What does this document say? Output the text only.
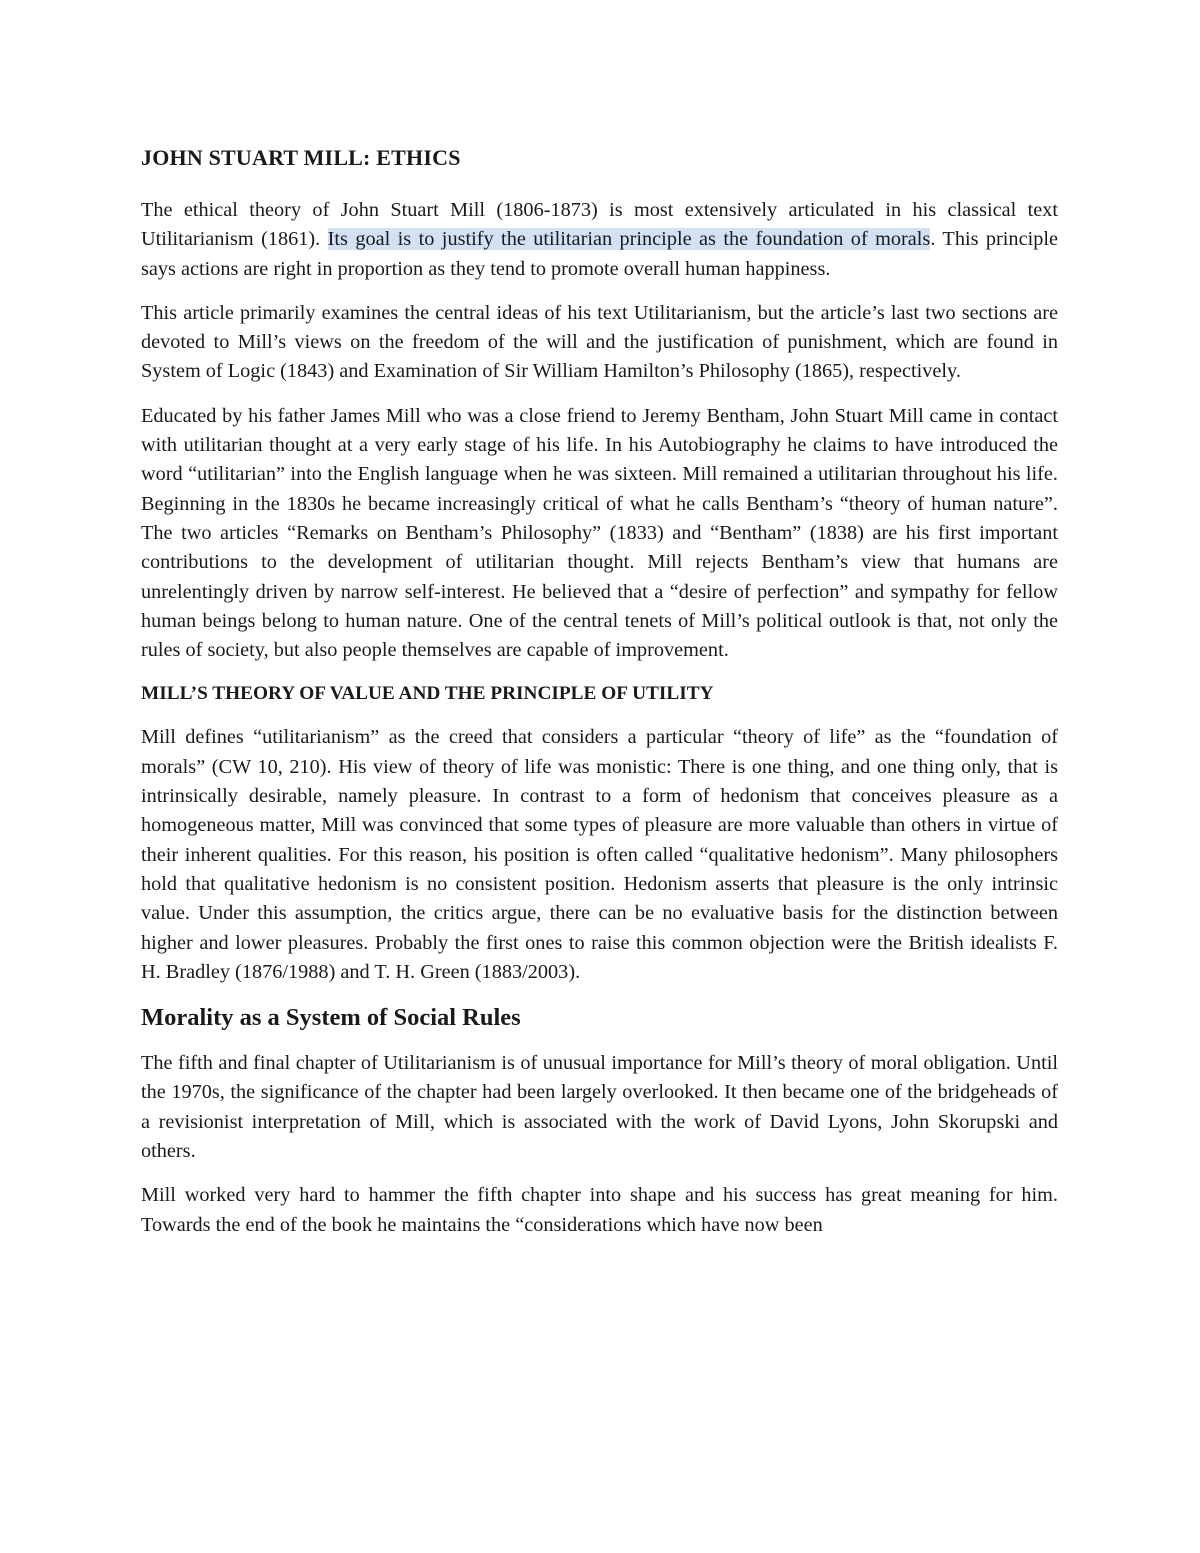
JOHN STUART MILL: ETHICS

The ethical theory of John Stuart Mill (1806-1873) is most extensively articulated in his classical text Utilitarianism (1861). Its goal is to justify the utilitarian principle as the foundation of morals. This principle says actions are right in proportion as they tend to promote overall human happiness.

This article primarily examines the central ideas of his text Utilitarianism, but the article’s last two sections are devoted to Mill’s views on the freedom of the will and the justification of punishment, which are found in System of Logic (1843) and Examination of Sir William Hamilton’s Philosophy (1865), respectively.

Educated by his father James Mill who was a close friend to Jeremy Bentham, John Stuart Mill came in contact with utilitarian thought at a very early stage of his life. In his Autobiography he claims to have introduced the word “utilitarian” into the English language when he was sixteen. Mill remained a utilitarian throughout his life. Beginning in the 1830s he became increasingly critical of what he calls Bentham’s “theory of human nature”. The two articles “Remarks on Bentham’s Philosophy” (1833) and “Bentham” (1838) are his first important contributions to the development of utilitarian thought. Mill rejects Bentham’s view that humans are unrelentingly driven by narrow self-interest. He believed that a “desire of perfection” and sympathy for fellow human beings belong to human nature. One of the central tenets of Mill’s political outlook is that, not only the rules of society, but also people themselves are capable of improvement.

MILL’S THEORY OF VALUE AND THE PRINCIPLE OF UTILITY

Mill defines “utilitarianism” as the creed that considers a particular “theory of life” as the “foundation of morals” (CW 10, 210). His view of theory of life was monistic: There is one thing, and one thing only, that is intrinsically desirable, namely pleasure. In contrast to a form of hedonism that conceives pleasure as a homogeneous matter, Mill was convinced that some types of pleasure are more valuable than others in virtue of their inherent qualities. For this reason, his position is often called “qualitative hedonism”. Many philosophers hold that qualitative hedonism is no consistent position. Hedonism asserts that pleasure is the only intrinsic value. Under this assumption, the critics argue, there can be no evaluative basis for the distinction between higher and lower pleasures. Probably the first ones to raise this common objection were the British idealists F. H. Bradley (1876/1988) and T. H. Green (1883/2003).

Morality as a System of Social Rules

The fifth and final chapter of Utilitarianism is of unusual importance for Mill’s theory of moral obligation. Until the 1970s, the significance of the chapter had been largely overlooked. It then became one of the bridgeheads of a revisionist interpretation of Mill, which is associated with the work of David Lyons, John Skorupski and others.

Mill worked very hard to hammer the fifth chapter into shape and his success has great meaning for him. Towards the end of the book he maintains the “considerations which have now been
